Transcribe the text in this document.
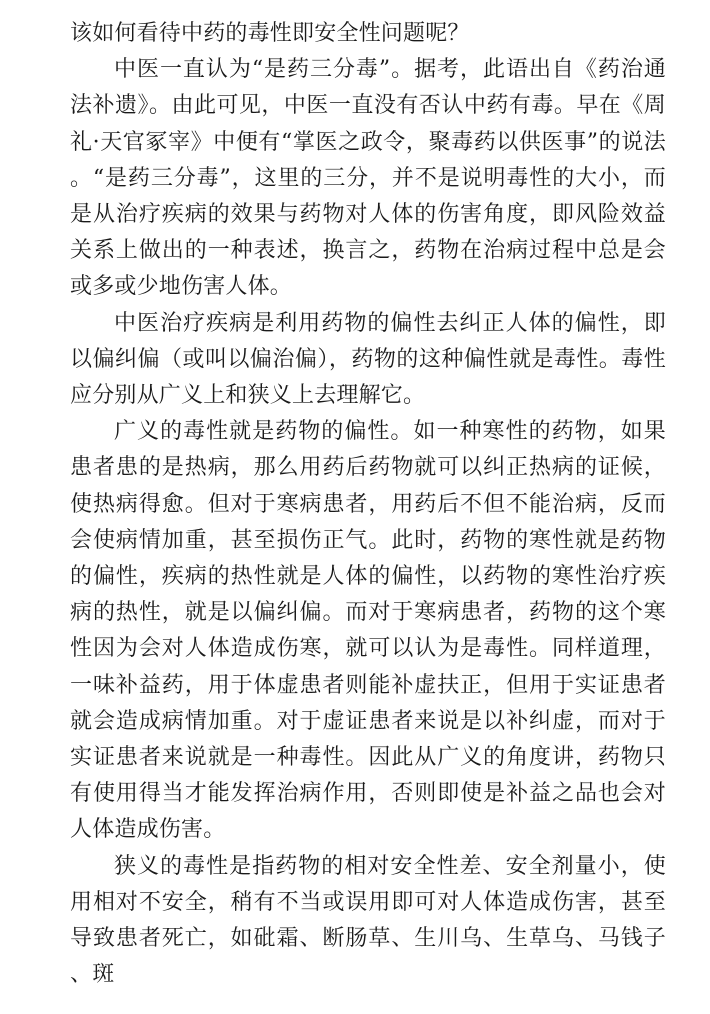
该如何看待中药的毒性即安全性问题呢？

中医一直认为“是药三分毒”。据考，此语出自《药治通法补遗》。由此可见，中医一直没有否认中药有毒。早在《周礼·天官冢宰》中便有“掌医之政令，聚毒药以供医事”的说法。“是药三分毒”，这里的三分，并不是说明毒性的大小，而是从治疗疾病的效果与药物对人体的伤害角度，即风险效益关系上做出的一种表述，换言之，药物在治病过程中总是会或多或少地伤害人体。

中医治疗疾病是利用药物的偏性去纠正人体的偏性，即以偏纠偏（或叫以偏治偏），药物的这种偏性就是毒性。毒性应分别从广义上和狭义上去理解它。

广义的毒性就是药物的偏性。如一种寒性的药物，如果患者患的是热病，那么用药后药物就可以纠正热病的证候，使热病得愈。但对于寒病患者，用药后不但不能治病，反而会使病情加重，甚至损伤正气。此时，药物的寒性就是药物的偏性，疾病的热性就是人体的偏性，以药物的寒性治疗疾病的热性，就是以偏纠偏。而对于寒病患者，药物的这个寒性因为会对人体造成伤寒，就可以认为是毒性。同样道理，一味补益药，用于体虚患者则能补虚扶正，但用于实证患者就会造成病情加重。对于虚证患者来说是以补纠虚，而对于实证患者来说就是一种毒性。因此从广义的角度讲，药物只有使用得当才能发挥治病作用，否则即使是补益之品也会对人体造成伤害。

狭义的毒性是指药物的相对安全性差、安全剂量小，使用相对不安全，稍有不当或误用即可对人体造成伤害，甚至导致患者死亡，如砒霜、断肠草、生川乌、生草乌、马钱子、斑
